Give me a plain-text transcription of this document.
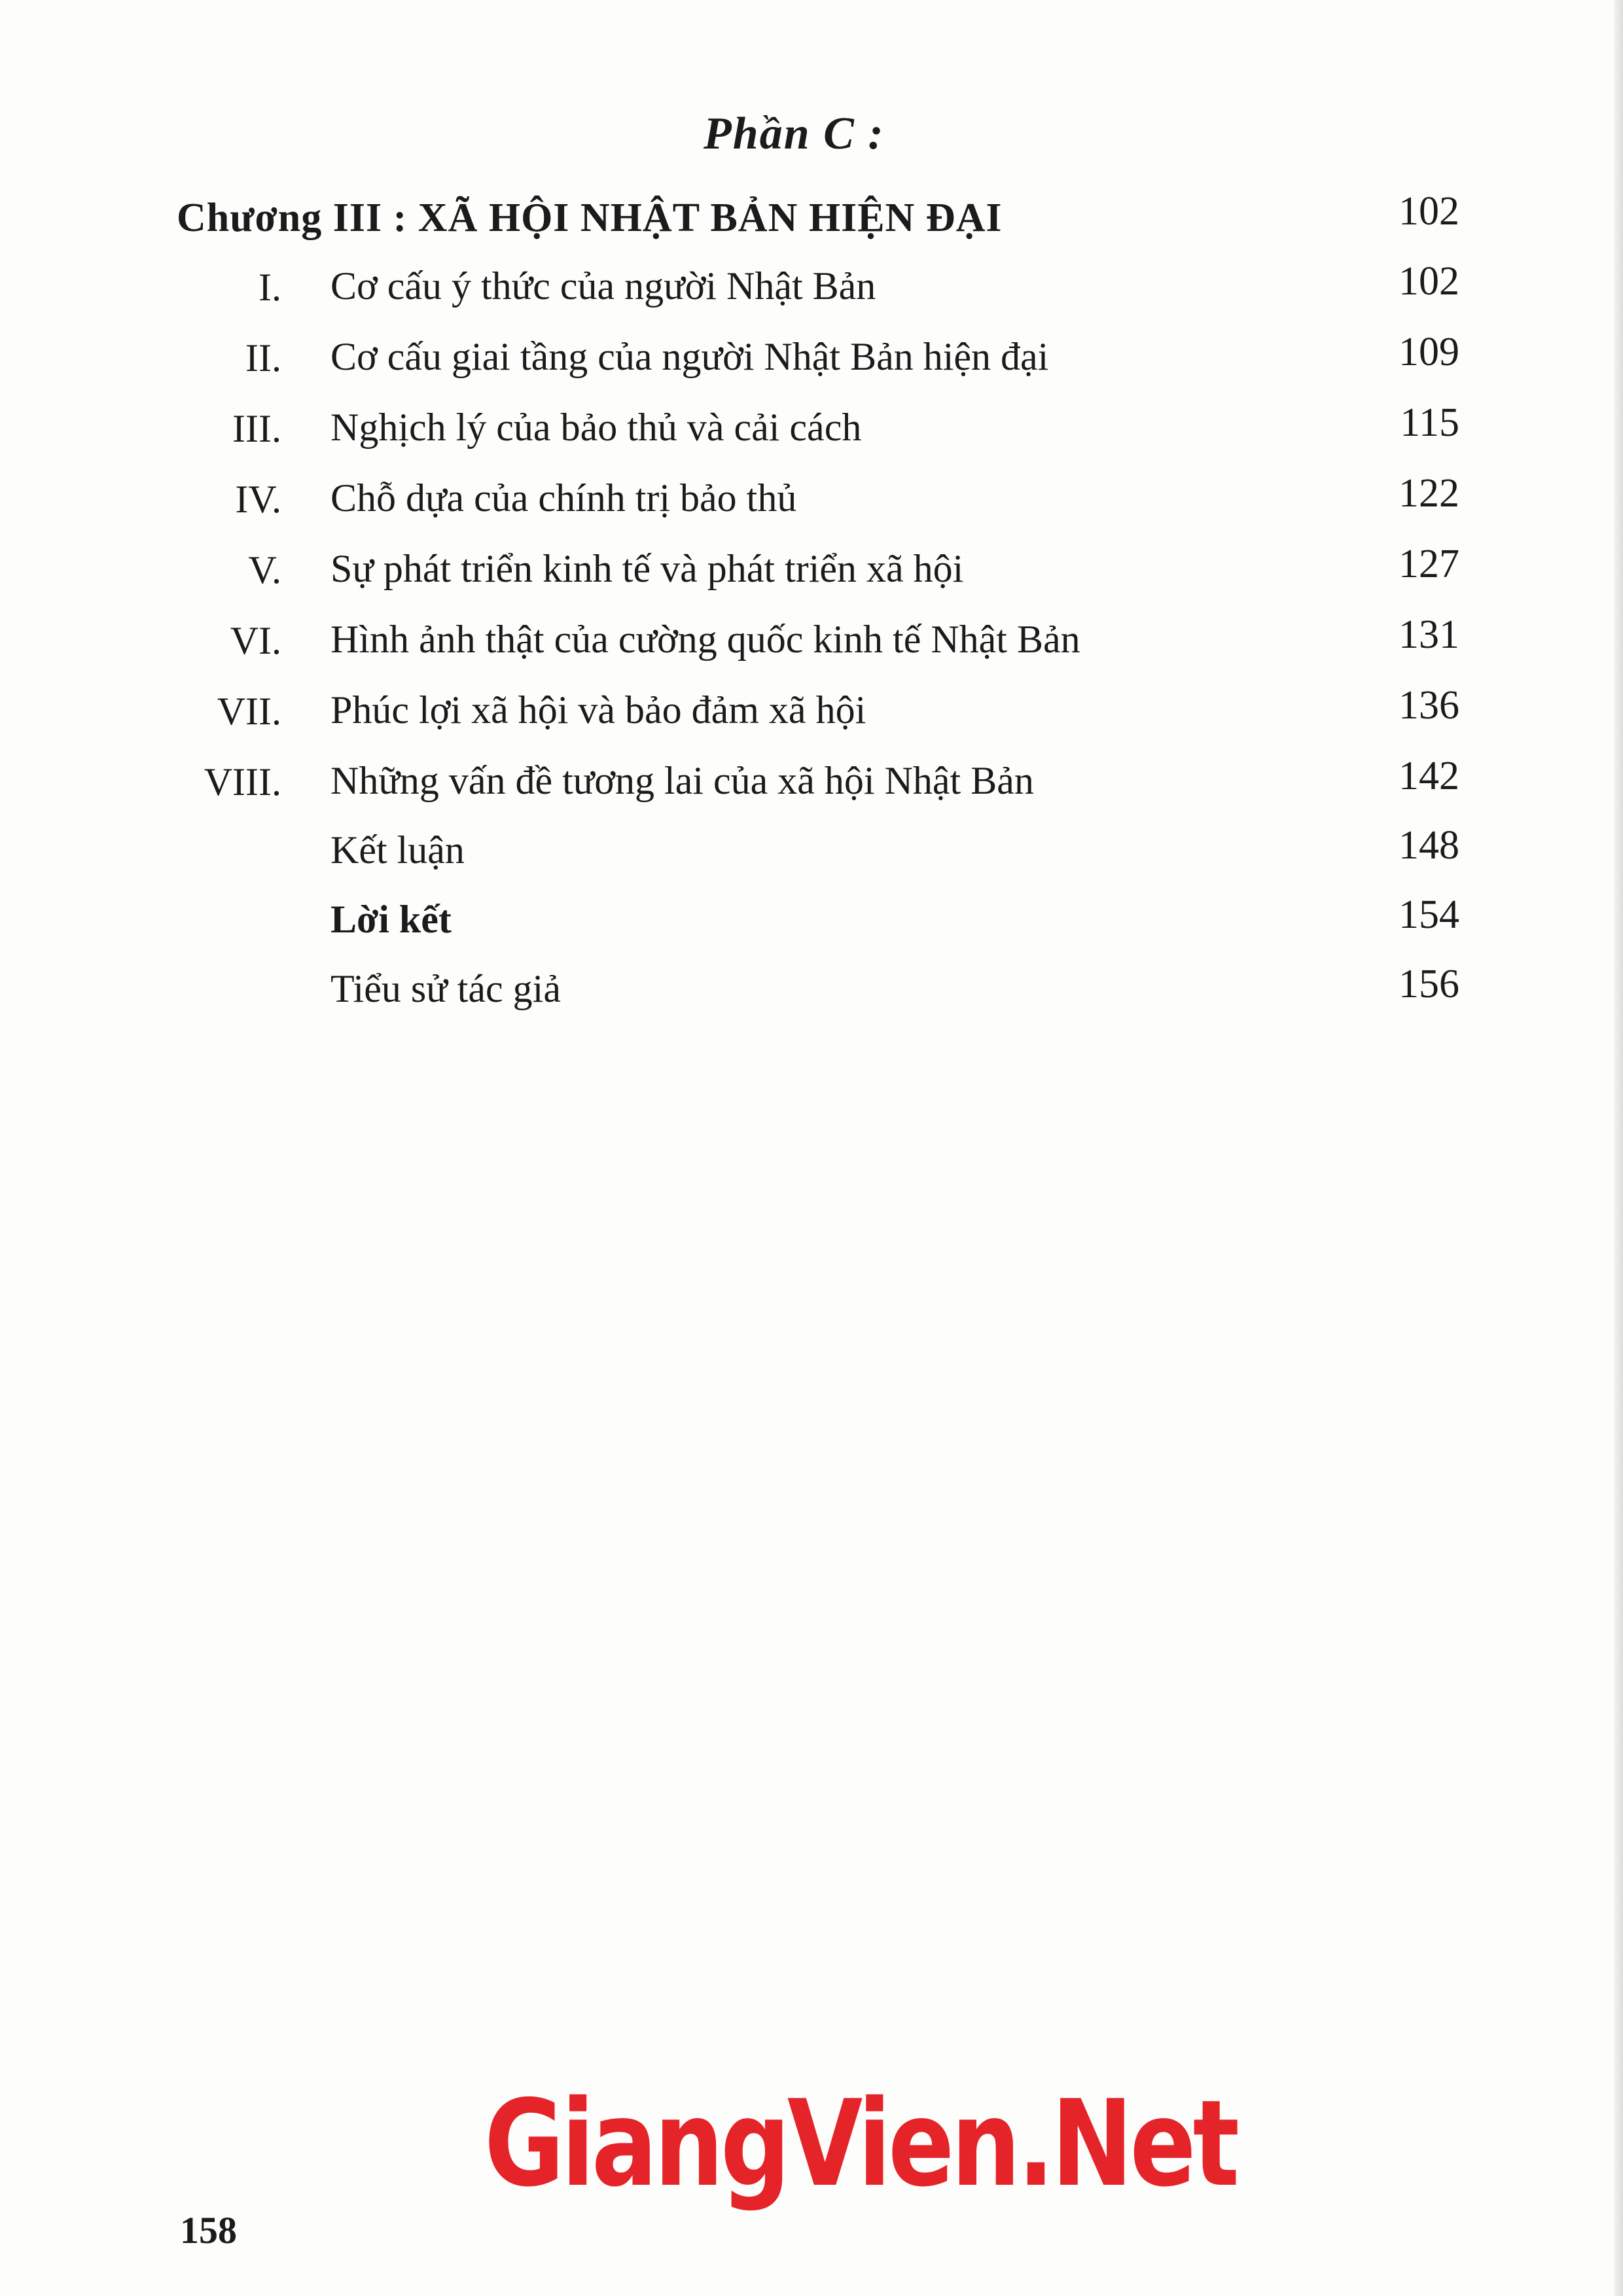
Phần C :
Chương III : XÃ HỘI NHẬT BẢN HIỆN ĐẠI	102
I. Cơ cấu ý thức của người Nhật Bản	102
II. Cơ cấu giai tầng của người Nhật Bản hiện đại	109
III. Nghịch lý của bảo thủ và cải cách	115
IV. Chỗ dựa của chính trị bảo thủ	122
V. Sự phát triển kinh tế và phát triển xã hội	127
VI. Hình ảnh thật của cường quốc kinh tế Nhật Bản	131
VII. Phúc lợi xã hội và bảo đảm xã hội	136
VIII. Những vấn đề tương lai của xã hội Nhật Bản	142
Kết luận	148
Lời kết	154
Tiểu sử tác giả	156
GiangVien.Net
158
